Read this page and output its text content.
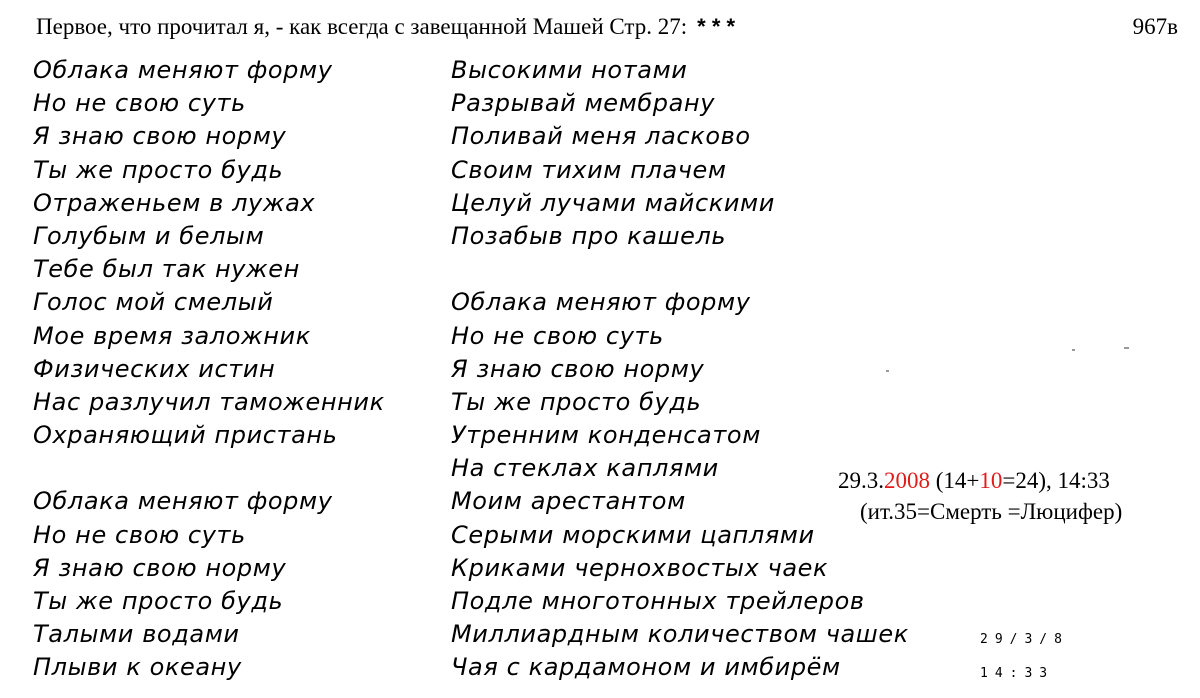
Первое, что прочитал я, - как всегда с завещанной Машей Стр. 27: * * *	967в
Облака меняют форму
Но не свою суть
Я знаю свою норму
Ты же просто будь
Отраженьем в лужах
Голубым и белым
Тебе был так нужен
Голос мой смелый
Мое время заложник
Физических истин
Нас разлучил таможенник
Охраняющий пристань
Облака меняют форму
Но не свою суть
Я знаю свою норму
Ты же просто будь
Талыми водами
Плыви к океану
Высокими нотами
Разрывай мембрану
Поливай меня ласково
Своим тихим плачем
Целуй лучами майскими
Позабыв про кашель
Облака меняют форму
Но не свою суть
Я знаю свою норму
Ты же просто будь
Утренним конденсатом
На стеклах каплями
Моим арестантом
Серыми морскими цаплями
Криками чернохвостых чаек
Подле многотонных трейлеров
Миллиардным количеством чашек
Чая с кардамоном и имбирём
29.3.2008 (14+10=24), 14:33
(ит.35=Смерть =Люцифер)
29/3/8
14:33
